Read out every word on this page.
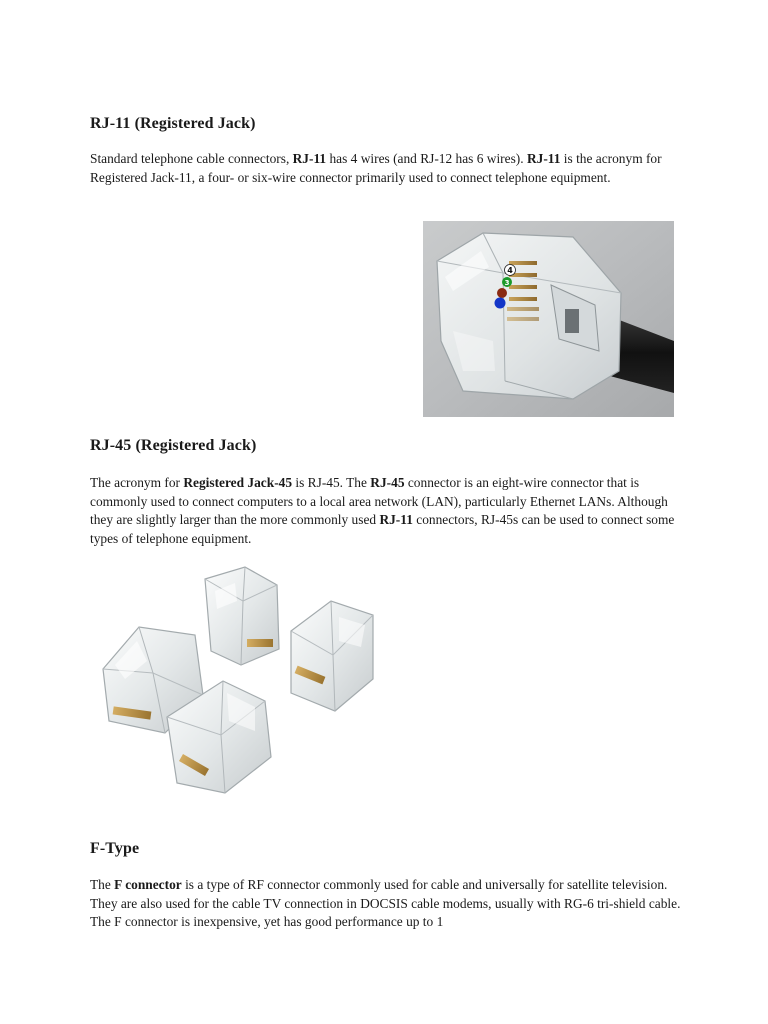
RJ-11 (Registered Jack)

Standard telephone cable connectors, RJ-11 has 4 wires (and RJ-12 has 6 wires). RJ-11 is the acronym for Registered Jack-11, a four- or six-wire connector primarily used to connect telephone equipment.

4
3
RJ-45 (Registered Jack)

The acronym for Registered Jack-45 is RJ-45. The RJ-45 connector is an eight-wire connector that is commonly used to connect computers to a local area network (LAN), particularly Ethernet LANs. Although they are slightly larger than the more commonly used RJ-11 connectors, RJ-45s can be used to connect some types of telephone equipment.

F-Type

The F connector is a type of RF connector commonly used for cable and universally for satellite television. They are also used for the cable TV connection in DOCSIS cable modems, usually with RG-6 tri-shield cable. The F connector is inexpensive, yet has good performance up to 1
